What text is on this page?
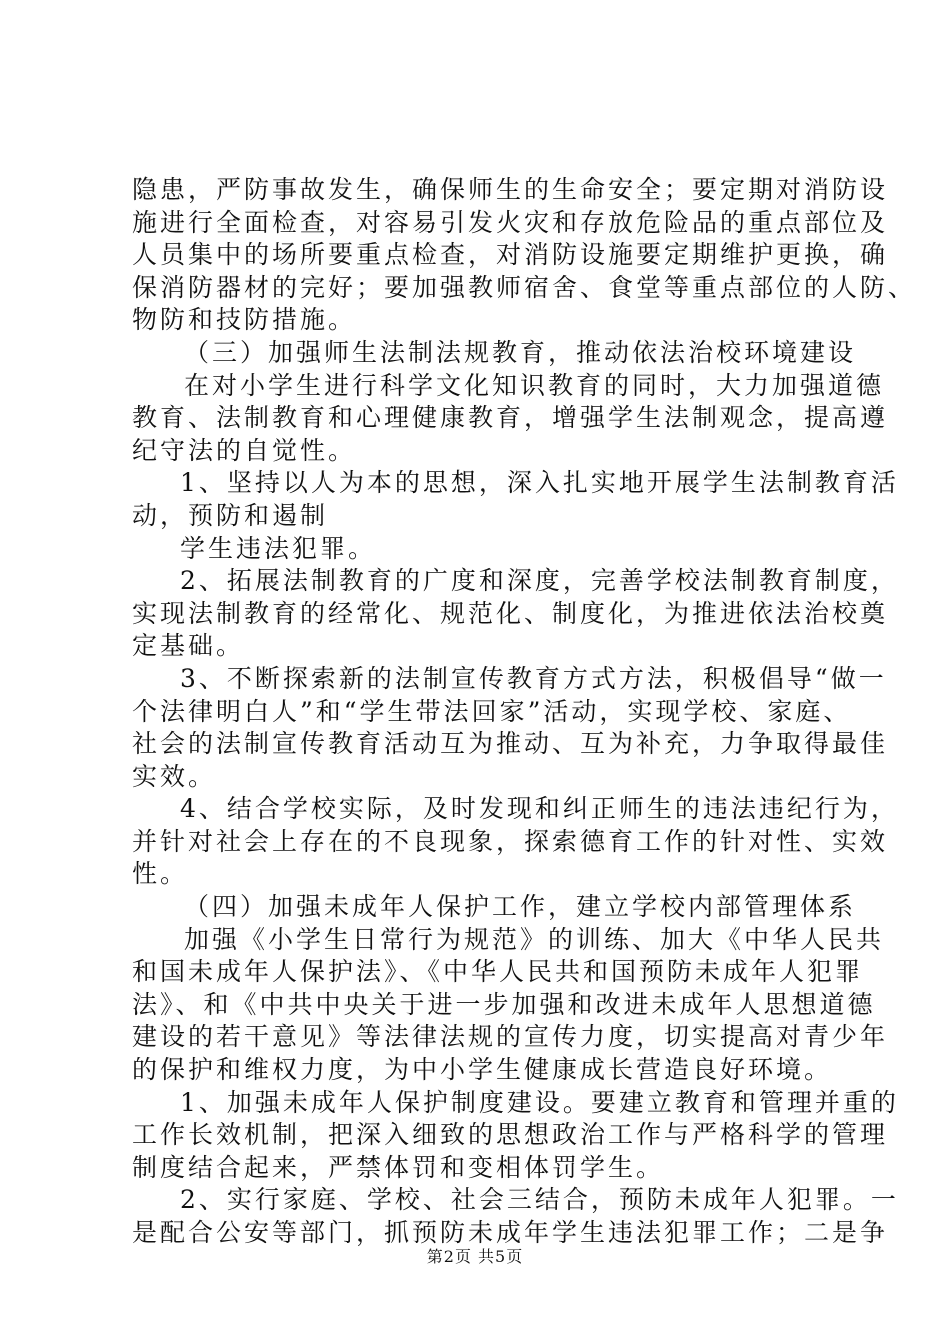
隐患，严防事故发生，确保师生的生命安全；要定期对消防设
施进行全面检查，对容易引发火灾和存放危险品的重点部位及
人员集中的场所要重点检查，对消防设施要定期维护更换，确
保消防器材的完好；要加强教师宿舍、食堂等重点部位的人防、
物防和技防措施。
（三）加强师生法制法规教育，推动依法治校环境建设
在对小学生进行科学文化知识教育的同时，大力加强道德
教育、法制教育和心理健康教育，增强学生法制观念，提高遵
纪守法的自觉性。
1、坚持以人为本的思想，深入扎实地开展学生法制教育活
动，预防和遏制
学生违法犯罪。
2、拓展法制教育的广度和深度，完善学校法制教育制度，
实现法制教育的经常化、规范化、制度化，为推进依法治校奠
定基础。
3、不断探索新的法制宣传教育方式方法，积极倡导“做一
个法律明白人”和“学生带法回家”活动，实现学校、家庭、
社会的法制宣传教育活动互为推动、互为补充，力争取得最佳
实效。
4、结合学校实际，及时发现和纠正师生的违法违纪行为，
并针对社会上存在的不良现象，探索德育工作的针对性、实效
性。
（四）加强未成年人保护工作，建立学校内部管理体系
加强《小学生日常行为规范》的训练、加大《中华人民共
和国未成年人保护法》、《中华人民共和国预防未成年人犯罪
法》、和《中共中央关于进一步加强和改进未成年人思想道德
建设的若干意见》等法律法规的宣传力度，切实提高对青少年
的保护和维权力度，为中小学生健康成长营造良好环境。
1、加强未成年人保护制度建设。要建立教育和管理并重的
工作长效机制，把深入细致的思想政治工作与严格科学的管理
制度结合起来，严禁体罚和变相体罚学生。
2、实行家庭、学校、社会三结合，预防未成年人犯罪。一
是配合公安等部门，抓预防未成年学生违法犯罪工作；二是争
第2页 共5页
